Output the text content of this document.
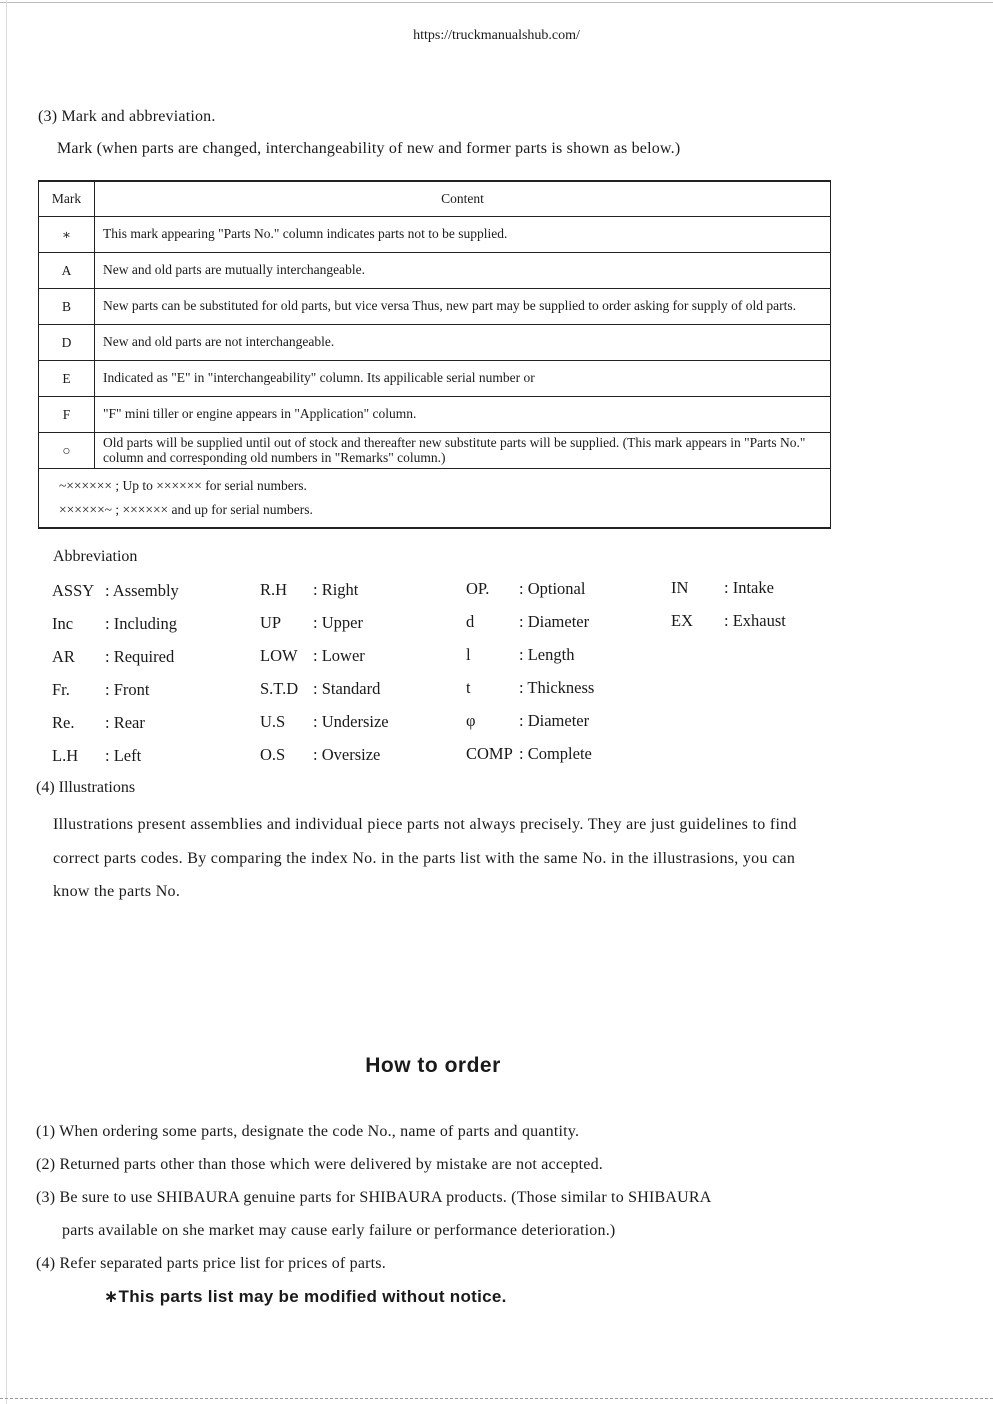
https://truckmanualshub.com/
(3) Mark and abbreviation.
Mark (when parts are changed, interchangeability of new and former parts is shown as below.)
Mark	Content
∗	This mark appearing "Parts No." column indicates parts not to be supplied.
A	New and old parts are mutually interchangeable.
B	New parts can be substituted for old parts, but vice versa Thus, new part may be supplied to order asking for supply of old parts.
D	New and old parts are not interchangeable.
E	Indicated as "E" in "interchangeability" column. Its appilicable serial number or
F	"F" mini tiller or engine appears in "Application" column.
○	Old parts will be supplied until out of stock and thereafter new substitute parts will be supplied. (This mark appears in "Parts No." column and corresponding old numbers in "Remarks" column.)

~×××××× ; Up to ×××××× for serial numbers.
××××××~ ; ×××××× and up for serial numbers.	
Abbreviation
ASSY : Assembly
Inc : Including
AR : Required
Fr. : Front
Re. : Rear
L.H : Left
R.H : Right
UP : Upper
LOW : Lower
S.T.D : Standard
U.S : Undersize
O.S : Oversize
OP. : Optional
d	: Diameter
l	: Length
t	: Thickness
φ	: Diameter
COMP : Complete
IN : Intake
EX : Exhaust
(4) Illustrations
Illustrations present assemblies and individual piece parts not always precisely. They are just guidelines to find correct parts codes. By comparing the index No. in the parts list with the same No. in the illustrasions, you can know the parts No.
How to order
(1) When ordering some parts, designate the code No., name of parts and quantity.
(2) Returned parts other than those which were delivered by mistake are not accepted.
(3) Be sure to use SHIBAURA genuine parts for SHIBAURA products. (Those similar to SHIBAURA
parts available on she market may cause early failure or performance deterioration.)
(4) Refer separated parts price list for prices of parts.
∗This parts list may be modified without notice.
